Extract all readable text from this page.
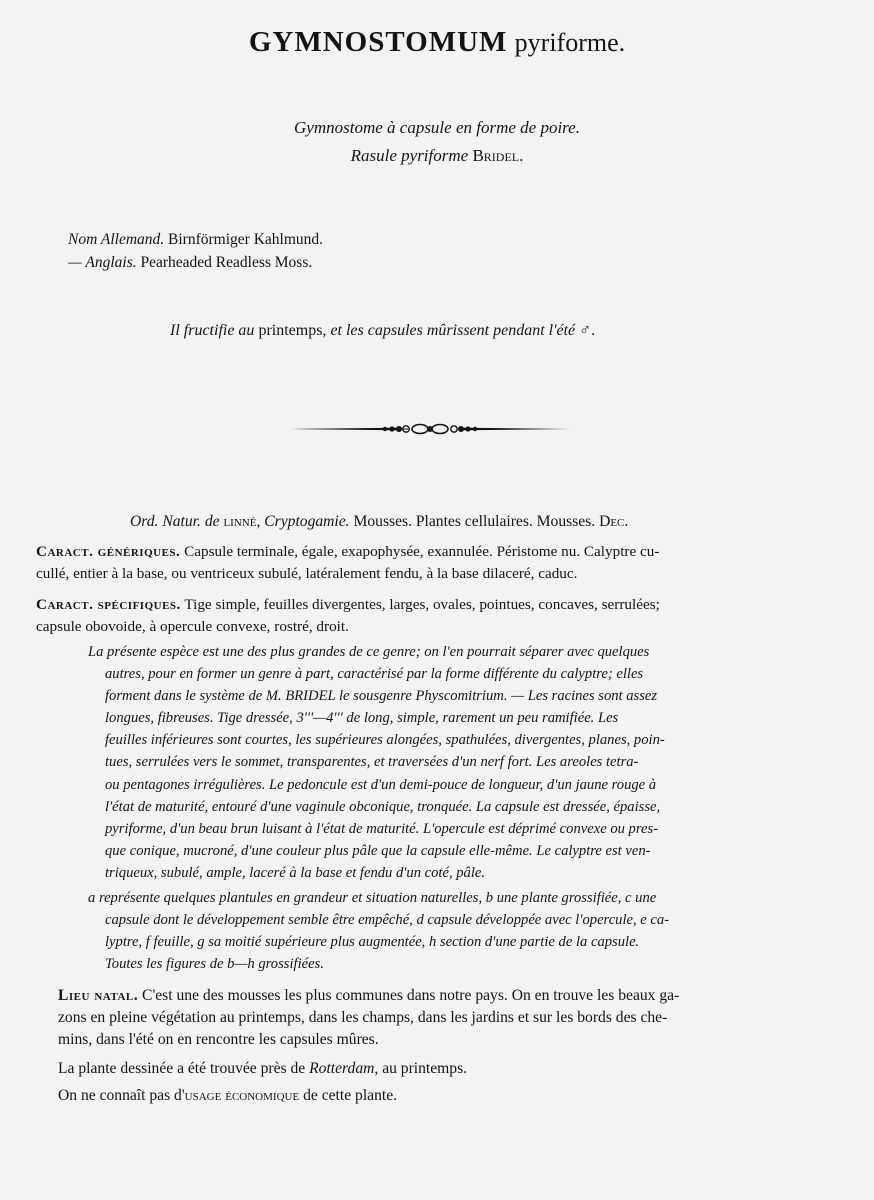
GYMNOSTOMUM pyriforme.
Gymnostome à capsule en forme de poire.
Rasule pyriforme Bridel.
Nom Allemand. Birnförmiger Kahlmund.
— Anglais. Pearheaded Readless Moss.
Il fructifie au printemps, et les capsules mûrissent pendant l'été ♂.
Ord. Natur. de linné, Cryptogamie. Mousses. Plantes cellulaires. Mousses. Dec.
Caract. génériques. Capsule terminale, égale, exapophysée, exannulée. Péristome nu. Calyptre cu-
cullé, entier à la base, ou ventriceux subulé, latéralement fendu, à la base dilaceré, caduc.
Caract. spécifiques. Tige simple, feuilles divergentes, larges, ovales, pointues, concaves, serrulées;
capsule obovoide, à opercule convexe, rostré, droit.
La présente espèce est une des plus grandes de ce genre; on l'en pourrait séparer avec quelques
autres, pour en former un genre à part, caractérisé par la forme différente du calyptre; elles
forment dans le système de M. BRIDEL le sousgenre Physcomitrium. — Les racines sont assez
longues, fibreuses. Tige dressée, 3'''—4''' de long, simple, rarement un peu ramifiée. Les
feuilles inférieures sont courtes, les supérieures alongées, spathulées, divergentes, planes, poin-
tues, serrulées vers le sommet, transparentes, et traversées d'un nerf fort. Les areoles tetra-
ou pentagones irrégulières. Le pedoncule est d'un demi-pouce de longueur, d'un jaune rouge à
l'état de maturité, entouré d'une vaginule obconique, tronquée. La capsule est dressée, épaisse,
pyriforme, d'un beau brun luisant à l'état de maturité. L'opercule est déprimé convexe ou pres-
que conique, mucroné, d'une couleur plus pâle que la capsule elle-même. Le calyptre est ven-
triqueux, subulé, ample, laceré à la base et fendu d'un coté, pâle.
a représente quelques plantules en grandeur et situation naturelles, b une plante grossifiée, c une
capsule dont le développement semble être empêché, d capsule développée avec l'opercule, e ca-
lyptre, f feuille, g sa moitié supérieure plus augmentée, h section d'une partie de la capsule.
Toutes les figures de b—h grossifiées.
Lieu natal. C'est une des mousses les plus communes dans notre pays. On en trouve les beaux ga-
zons en pleine végétation au printemps, dans les champs, dans les jardins et sur les bords des che-
mins, dans l'été on en rencontre les capsules mûres.
La plante dessinée a été trouvée près de Rotterdam, au printemps.
On ne connaît pas d'usage économique de cette plante.
